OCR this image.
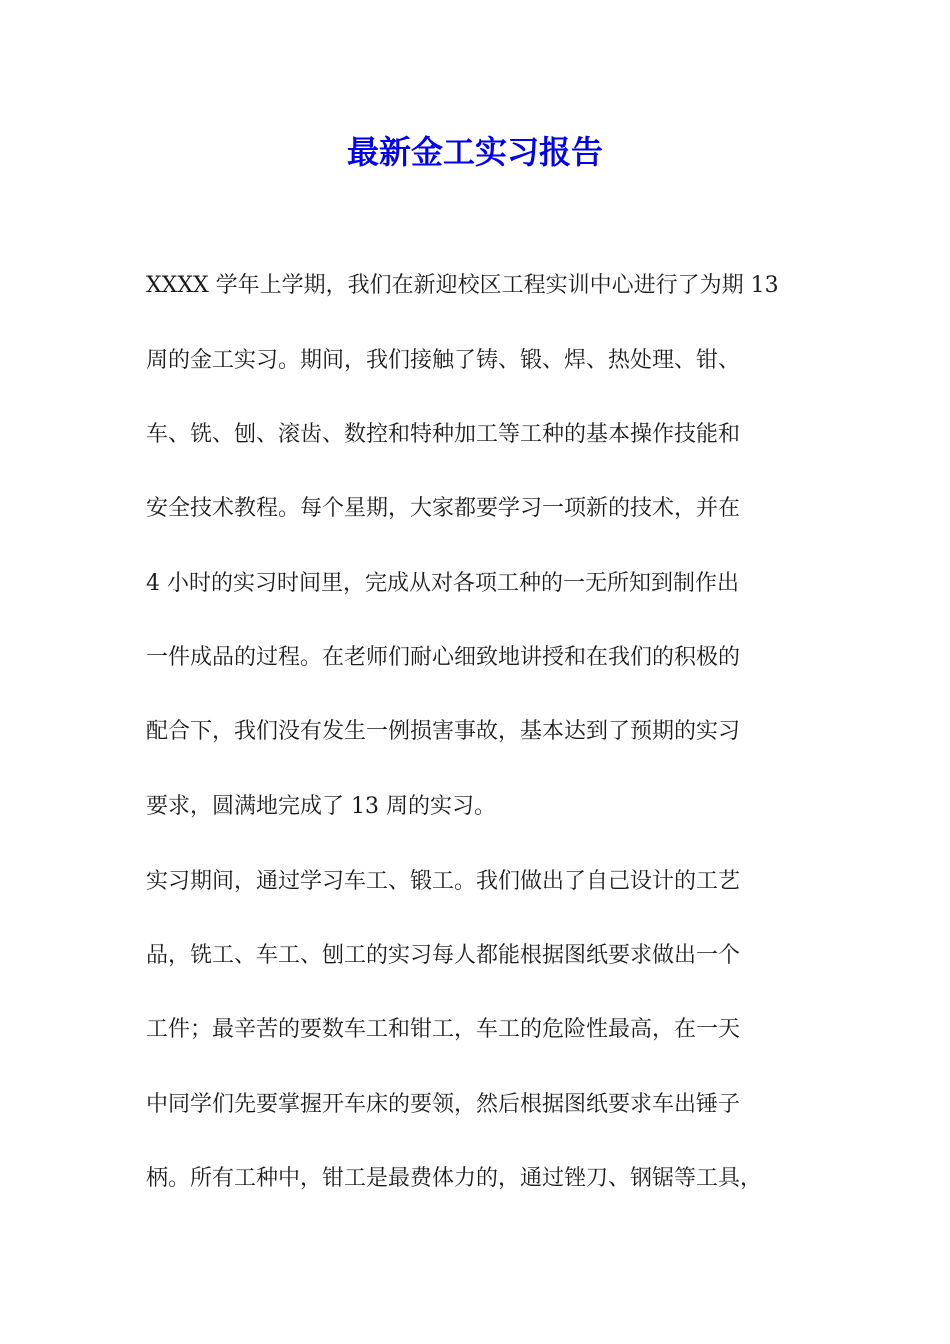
最新金工实习报告
XXXX 学年上学期，我们在新迎校区工程实训中心进行了为期 13
周的金工实习。期间，我们接触了铸、锻、焊、热处理、钳、
车、铣、刨、滚齿、数控和特种加工等工种的基本操作技能和
安全技术教程。每个星期，大家都要学习一项新的技术，并在
4 小时的实习时间里，完成从对各项工种的一无所知到制作出
一件成品的过程。在老师们耐心细致地讲授和在我们的积极的
配合下，我们没有发生一例损害事故，基本达到了预期的实习
要求，圆满地完成了 13 周的实习。
实习期间，通过学习车工、锻工。我们做出了自己设计的工艺
品，铣工、车工、刨工的实习每人都能根据图纸要求做出一个
工件；最辛苦的要数车工和钳工，车工的危险性最高，在一天
中同学们先要掌握开车床的要领，然后根据图纸要求车出锤子
柄。所有工种中，钳工是最费体力的，通过锉刀、钢锯等工具，
